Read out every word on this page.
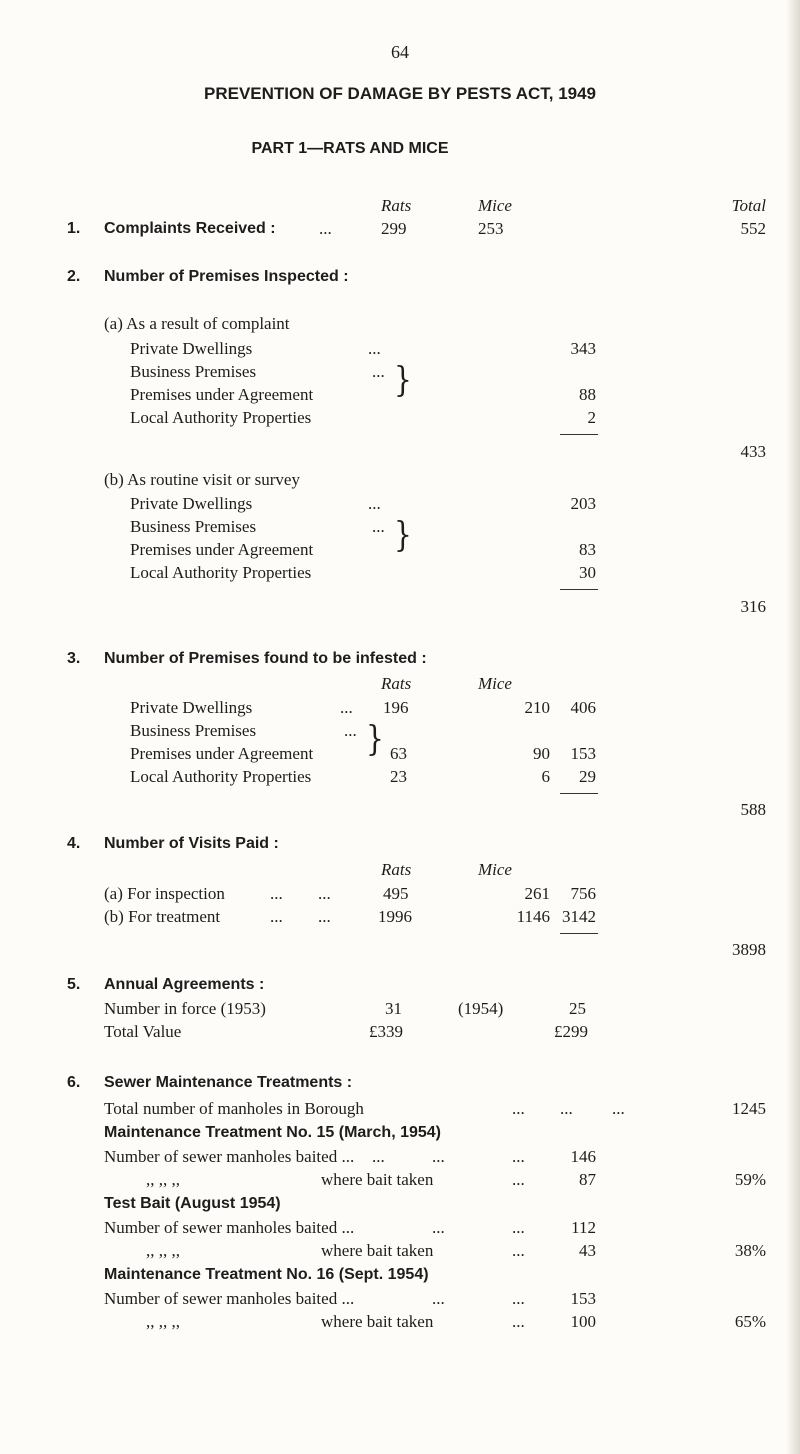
64
PREVENTION OF DAMAGE BY PESTS ACT, 1949
PART 1—RATS AND MICE
Rats	Mice	Total
1. Complaints Received :	...	299	253	552
2. Number of Premises Inspected :
(a) As a result of complaint
Private Dwellings	...	343
Business Premises	... }
Premises under Agreement	88
Local Authority Properties	2
433
(b) As routine visit or survey
Private Dwellings	...	203
Business Premises	... }
Premises under Agreement	83
Local Authority Properties	30
316
3. Number of Premises found to be infested :
Rats	Mice
Private Dwellings	... 196	210	406
Business Premises	... }
Premises under Agreement	63	90	153
Local Authority Properties	23	6	29
588
4. Number of Visits Paid :
Rats	Mice
(a) For inspection	... ...	495	261	756
(b) For treatment	... ...	1996	1146 3142
3898
5. Annual Agreements :
Number in force (1953)	31	(1954)	25
Total Value	£339	£299
6. Sewer Maintenance Treatments :
Total number of manholes in Borough	... ... ...	1245
Maintenance Treatment No. 15 (March, 1954)
Number of sewer manholes baited ... ...	...	...	146
,, ,, ,,	where bait taken	...	87	59%
Test Bait (August 1954)
Number of sewer manholes baited ...	...	...	112
,, ,, ,,	where bait taken	...	43	38%
Maintenance Treatment No. 16 (Sept. 1954)
Number of sewer manholes baited ...	...	...	153
,, ,, ,,	where bait taken	...	100	65%
